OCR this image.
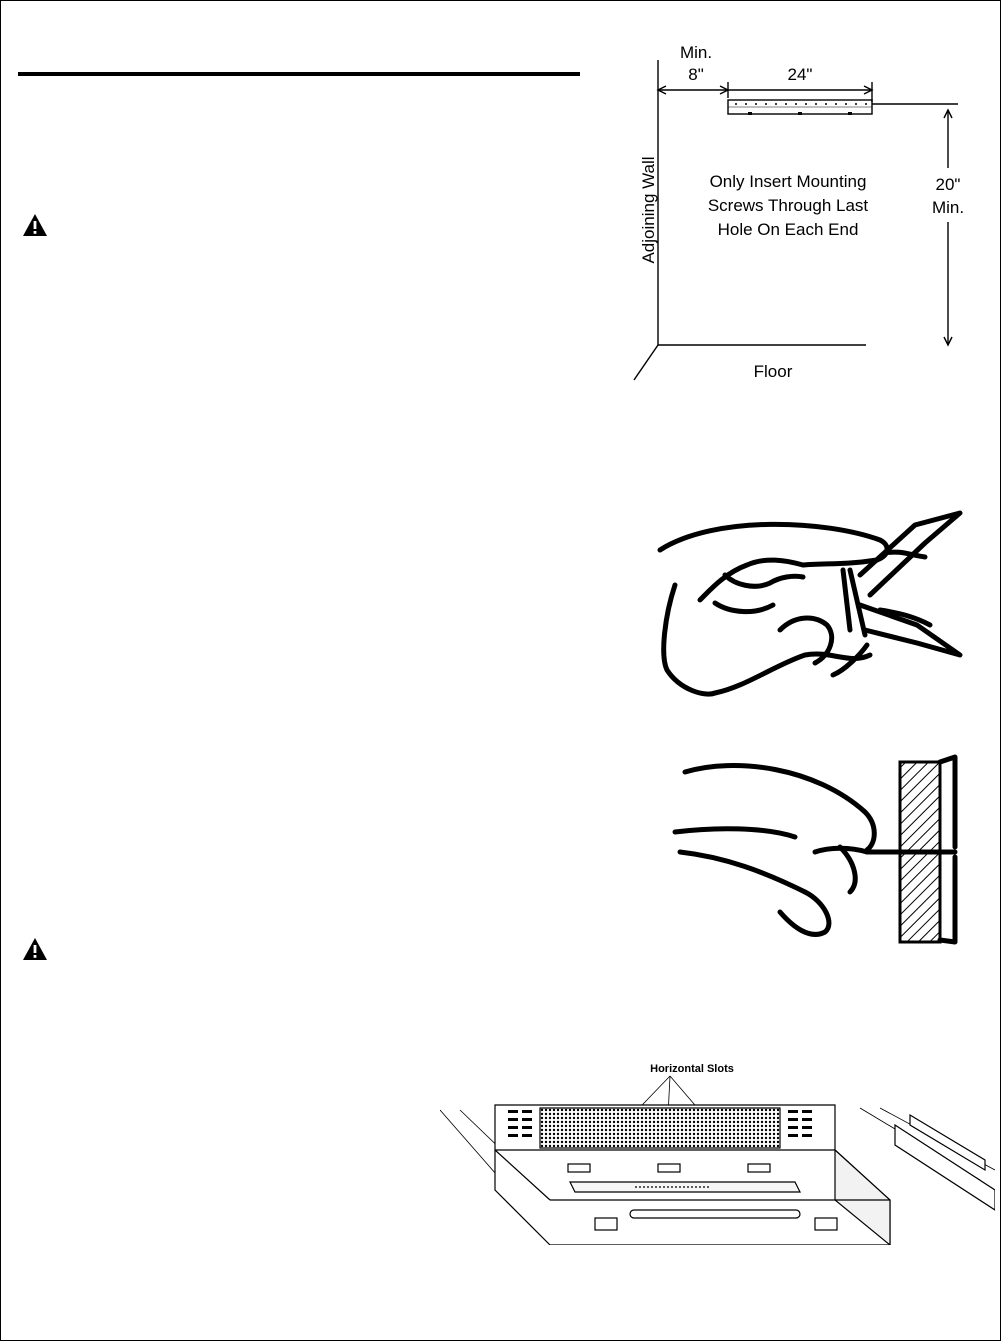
Min.
8"	24"
Adjoining Wall	Only Insert Mounting
Screws Through Last
Hole On Each End
20"
Min.
Floor
Horizontal Slots
